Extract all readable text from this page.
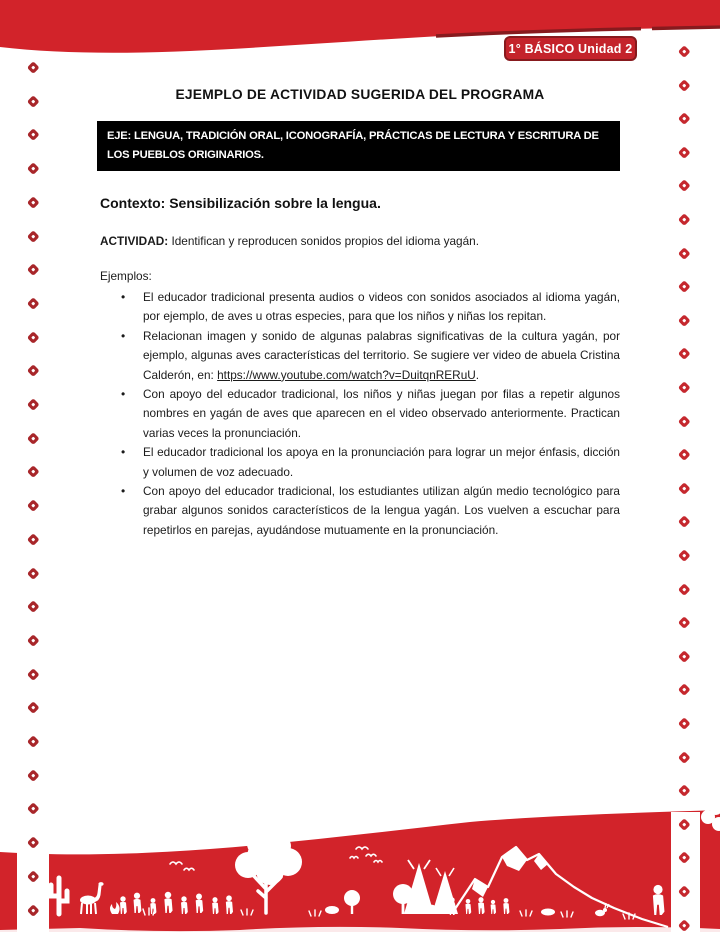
1° BÁSICO Unidad 2
EJEMPLO DE ACTIVIDAD SUGERIDA DEL PROGRAMA
EJE: LENGUA, TRADICIÓN ORAL, ICONOGRAFÍA, PRÁCTICAS DE LECTURA Y ESCRITURA DE LOS PUEBLOS ORIGINARIOS.
Contexto: Sensibilización sobre la lengua.
ACTIVIDAD: Identifican y reproducen sonidos propios del idioma yagán.
Ejemplos:
• El educador tradicional presenta audios o videos con sonidos asociados al idioma yagán, por ejemplo, de aves u otras especies, para que los niños y niñas los repitan.
• Relacionan imagen y sonido de algunas palabras significativas de la cultura yagán, por ejemplo, algunas aves características del territorio. Se sugiere ver video de abuela Cristina Calderón, en: https://www.youtube.com/watch?v=DuitqnRERuU.
• Con apoyo del educador tradicional, los niños y niñas juegan por filas a repetir algunos nombres en yagán de aves que aparecen en el video observado anteriormente. Practican varias veces la pronunciación.
• El educador tradicional los apoya en la pronunciación para lograr un mejor énfasis, dicción y volumen de voz adecuado.
• Con apoyo del educador tradicional, los estudiantes utilizan algún medio tecnológico para grabar algunos sonidos característicos de la lengua yagán. Los vuelven a escuchar para repetirlos en parejas, ayudándose mutuamente en la pronunciación.
